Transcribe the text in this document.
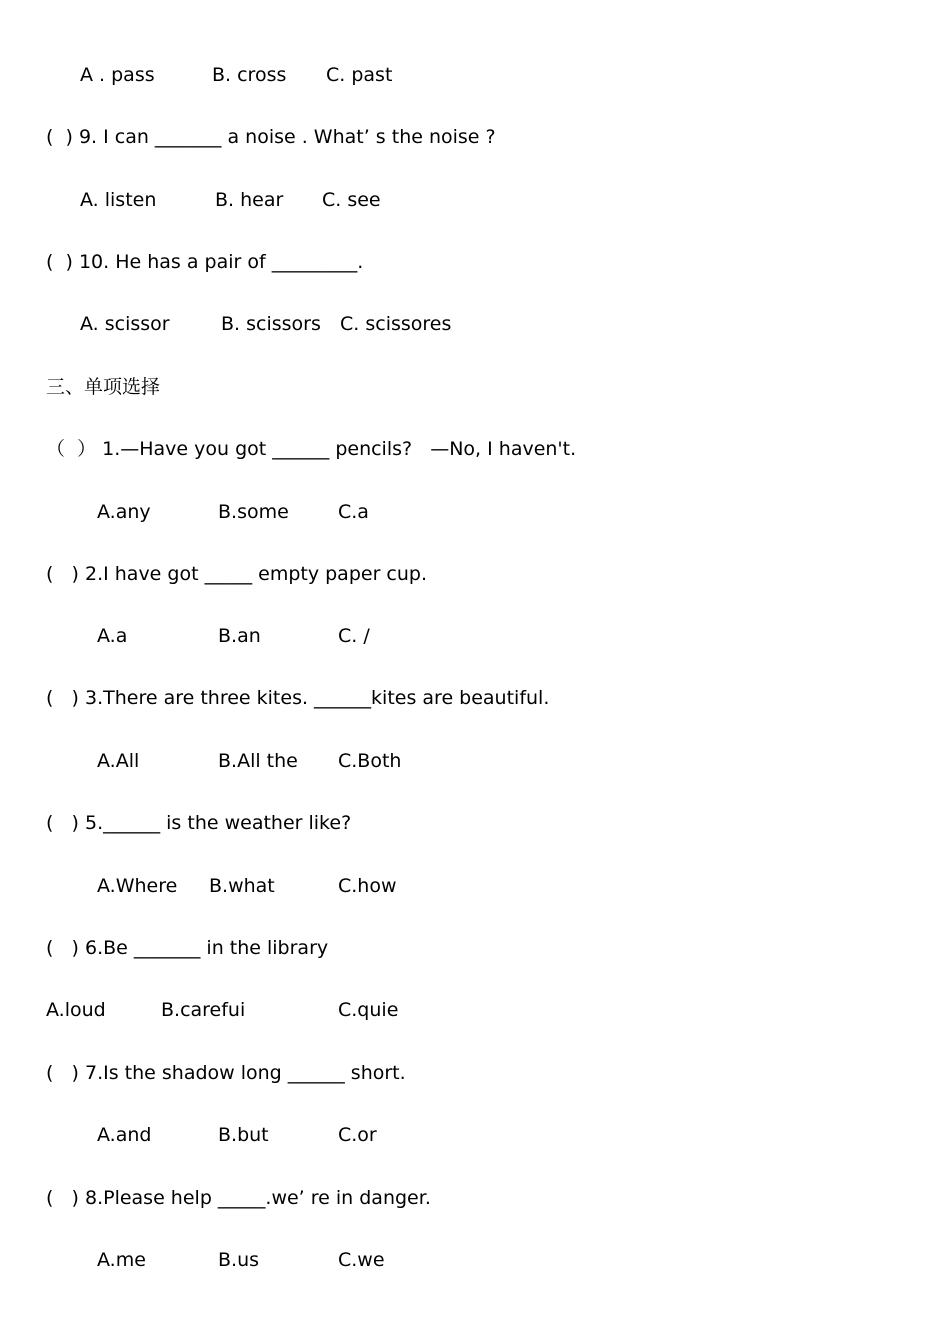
A . pass	B. cross C. past
(  ) 9. I can _______ a noise . What’ s the noise ?
A. listen	B. hear C. see
(  ) 10. He has a pair of _________.
A. scissor	B. scissors C. scissores
三、单项选择
（  ） 1.—Have you got ______ pencils?   —No, I haven't.
A.any	B.some	C.a
(   ) 2.I have got _____ empty paper cup.
A.a	B.an	C. /
(   ) 3.There are three kites. ______kites are beautiful.
A.All	B.All the C.Both
(   ) 5.______ is the weather like?
A.Where B.what	C.how
(   ) 6.Be _______ in the library
A.loud	B.carefui	C.quie
(   ) 7.Is the shadow long ______ short.
A.and	B.but	C.or
(   ) 8.Please help _____.we’ re in danger.
A.me	B.us	C.we
